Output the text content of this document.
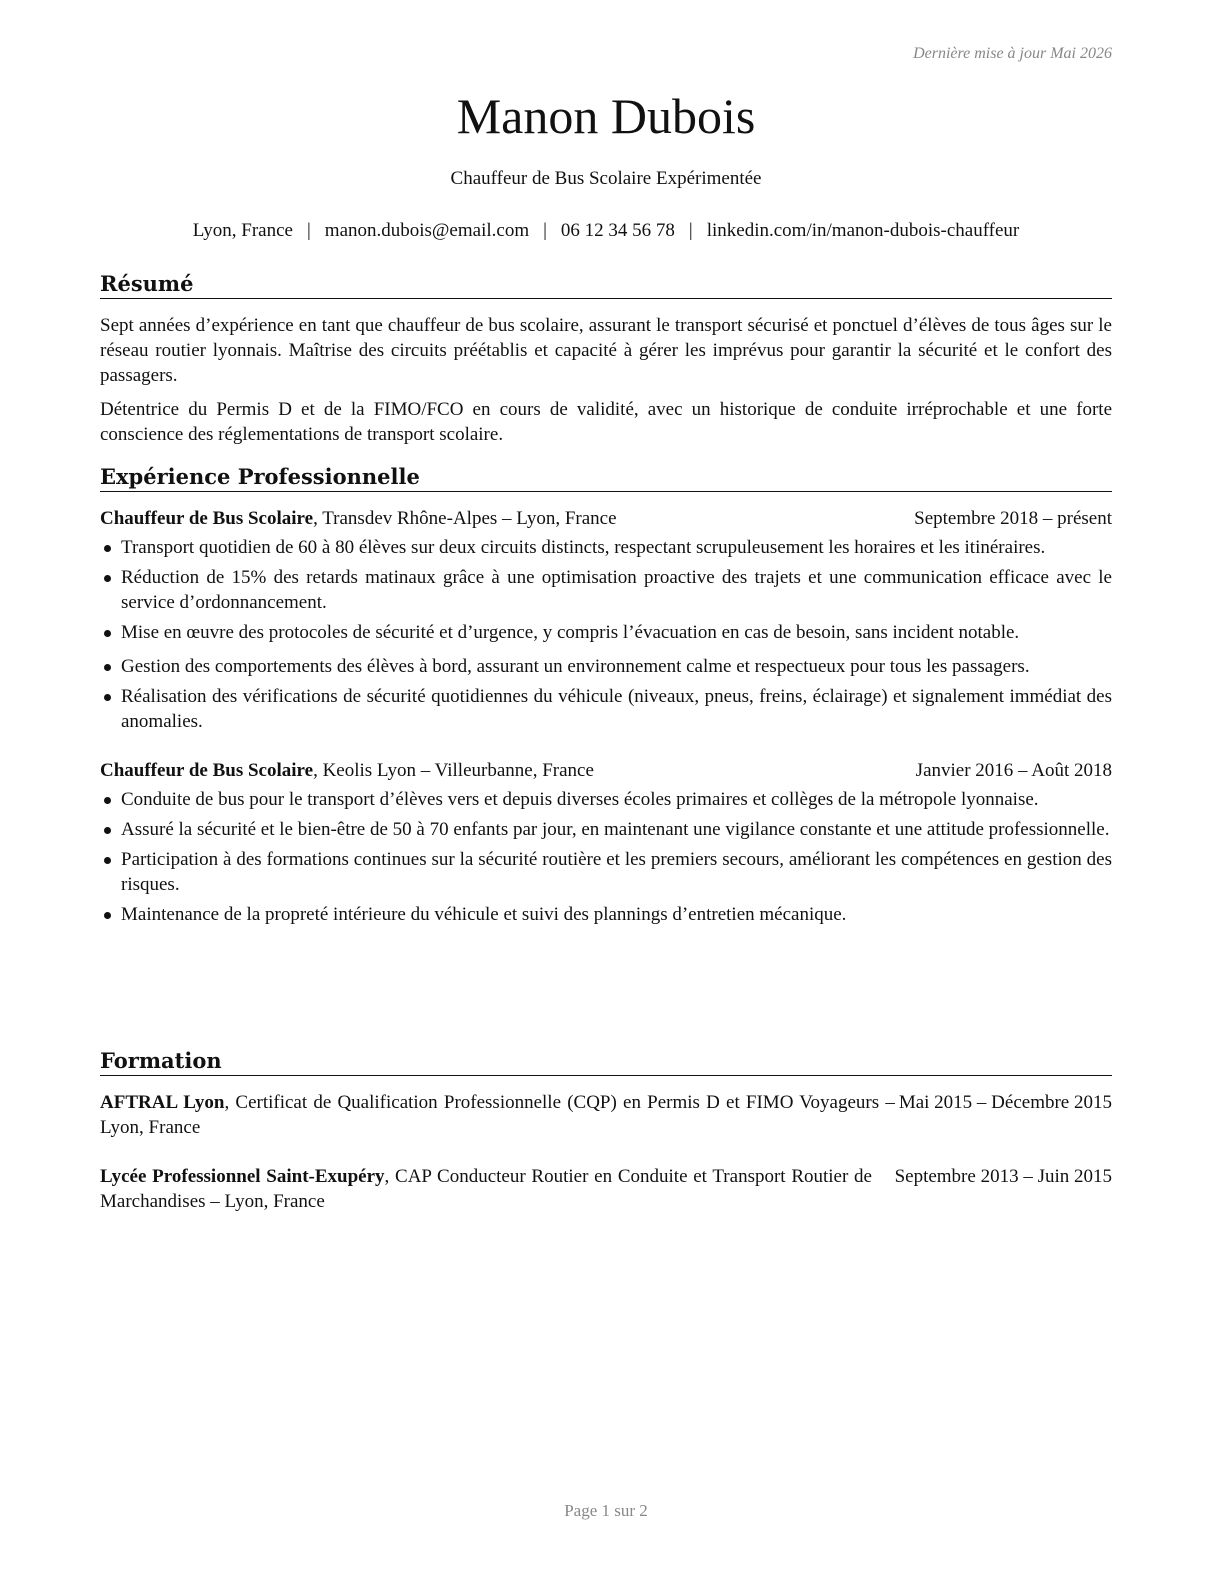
Dernière mise à jour Mai 2026
Manon Dubois
Chauffeur de Bus Scolaire Expérimentée
Lyon, France | manon.dubois@email.com | 06 12 34 56 78 | linkedin.com/in/manon-dubois-chauffeur
Résumé

Sept années d’expérience en tant que chauffeur de bus scolaire, assurant le transport sécurisé et ponctuel d’élèves de tous âges sur le réseau routier lyonnais. Maîtrise des circuits préétablis et capacité à gérer les imprévus pour garantir la sécurité et le confort des passagers.

Détentrice du Permis D et de la FIMO/FCO en cours de validité, avec un historique de conduite irréprochable et une forte conscience des réglementations de transport scolaire.

Expérience Professionnelle
Chauffeur de Bus Scolaire, Transdev Rhône-Alpes – Lyon, France	Septembre 2018 – présent
Transport quotidien de 60 à 80 élèves sur deux circuits distincts, respectant scrupuleusement les horaires et les itinéraires.
Réduction de 15% des retards matinaux grâce à une optimisation proactive des trajets et une communication efficace avec le service d’ordonnancement.
Mise en œuvre des protocoles de sécurité et d’urgence, y compris l’évacuation en cas de besoin, sans incident notable.
Gestion des comportements des élèves à bord, assurant un environnement calme et respectueux pour tous les passagers.
Réalisation des vérifications de sécurité quotidiennes du véhicule (niveaux, pneus, freins, éclairage) et signalement immédiat des anomalies.
Chauffeur de Bus Scolaire, Keolis Lyon – Villeurbanne, France	Janvier 2016 – Août 2018
Conduite de bus pour le transport d’élèves vers et depuis diverses écoles primaires et collèges de la métropole lyonnaise.
Assuré la sécurité et le bien-être de 50 à 70 enfants par jour, en maintenant une vigilance constante et une attitude professionnelle.
Participation à des formations continues sur la sécurité routière et les premiers secours, améliorant les compétences en gestion des risques.
Maintenance de la propreté intérieure du véhicule et suivi des plannings d’entretien mécanique.
Formation
AFTRAL Lyon, Certificat de Qualification Professionnelle (CQP) en Permis D et FIMO Voyageurs – Lyon, France
Mai 2015 – Décembre 2015
Lycée Professionnel Saint-Exupéry, CAP Conducteur Routier en Conduite et Transport Routier de Marchandises – Lyon, France
Septembre 2013 – Juin 2015
Page 1 sur 2
